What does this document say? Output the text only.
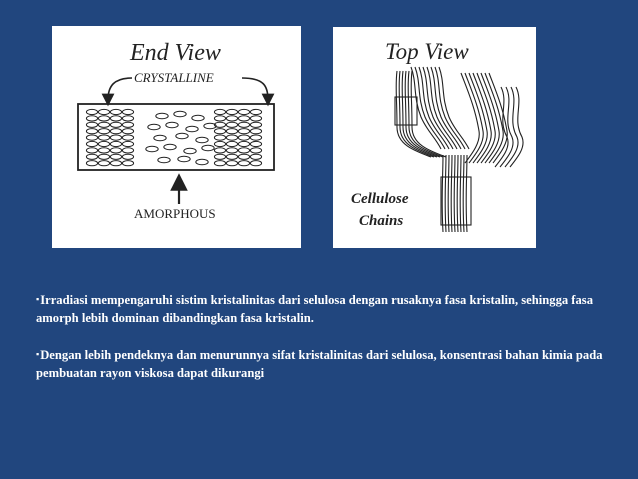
End View
CRYSTALLINE
AMORPHOUS
Top View
Cellulose
Chains
▪Irradiasi mempengaruhi sistim kristalinitas dari selulosa dengan rusaknya fasa kristalin, sehingga fasa amorph lebih dominan dibandingkan fasa kristalin.
▪Dengan lebih pendeknya dan menurunnya sifat kristalinitas dari selulosa, konsentrasi bahan kimia pada pembuatan rayon viskosa dapat dikurangi
